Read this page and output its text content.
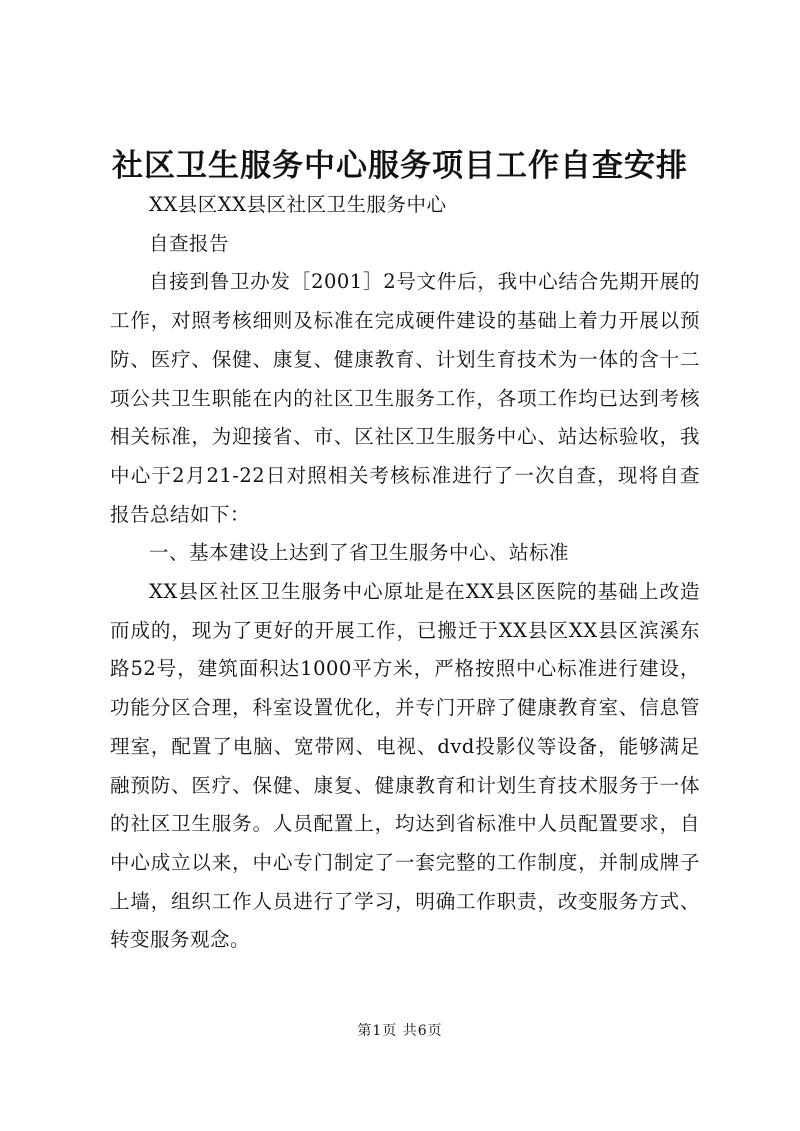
社区卫生服务中心服务项目工作自查安排

XX县区XX县区社区卫生服务中心

自查报告

自接到鲁卫办发［2001］2号文件后，我中心结合先期开展的工作，对照考核细则及标准在完成硬件建设的基础上着力开展以预防、医疗、保健、康复、健康教育、计划生育技术为一体的含十二项公共卫生职能在内的社区卫生服务工作，各项工作均已达到考核相关标准，为迎接省、市、区社区卫生服务中心、站达标验收，我中心于2月21-22日对照相关考核标准进行了一次自查，现将自查报告总结如下：

一、基本建设上达到了省卫生服务中心、站标准

XX县区社区卫生服务中心原址是在XX县区医院的基础上改造而成的，现为了更好的开展工作，已搬迁于XX县区XX县区滨溪东路52号，建筑面积达1000平方米，严格按照中心标准进行建设，功能分区合理，科室设置优化，并专门开辟了健康教育室、信息管理室，配置了电脑、宽带网、电视、dvd投影仪等设备，能够满足融预防、医疗、保健、康复、健康教育和计划生育技术服务于一体的社区卫生服务。人员配置上，均达到省标准中人员配置要求，自中心成立以来，中心专门制定了一套完整的工作制度，并制成牌子上墙，组织工作人员进行了学习，明确工作职责，改变服务方式、转变服务观念。

第1页 共6页
